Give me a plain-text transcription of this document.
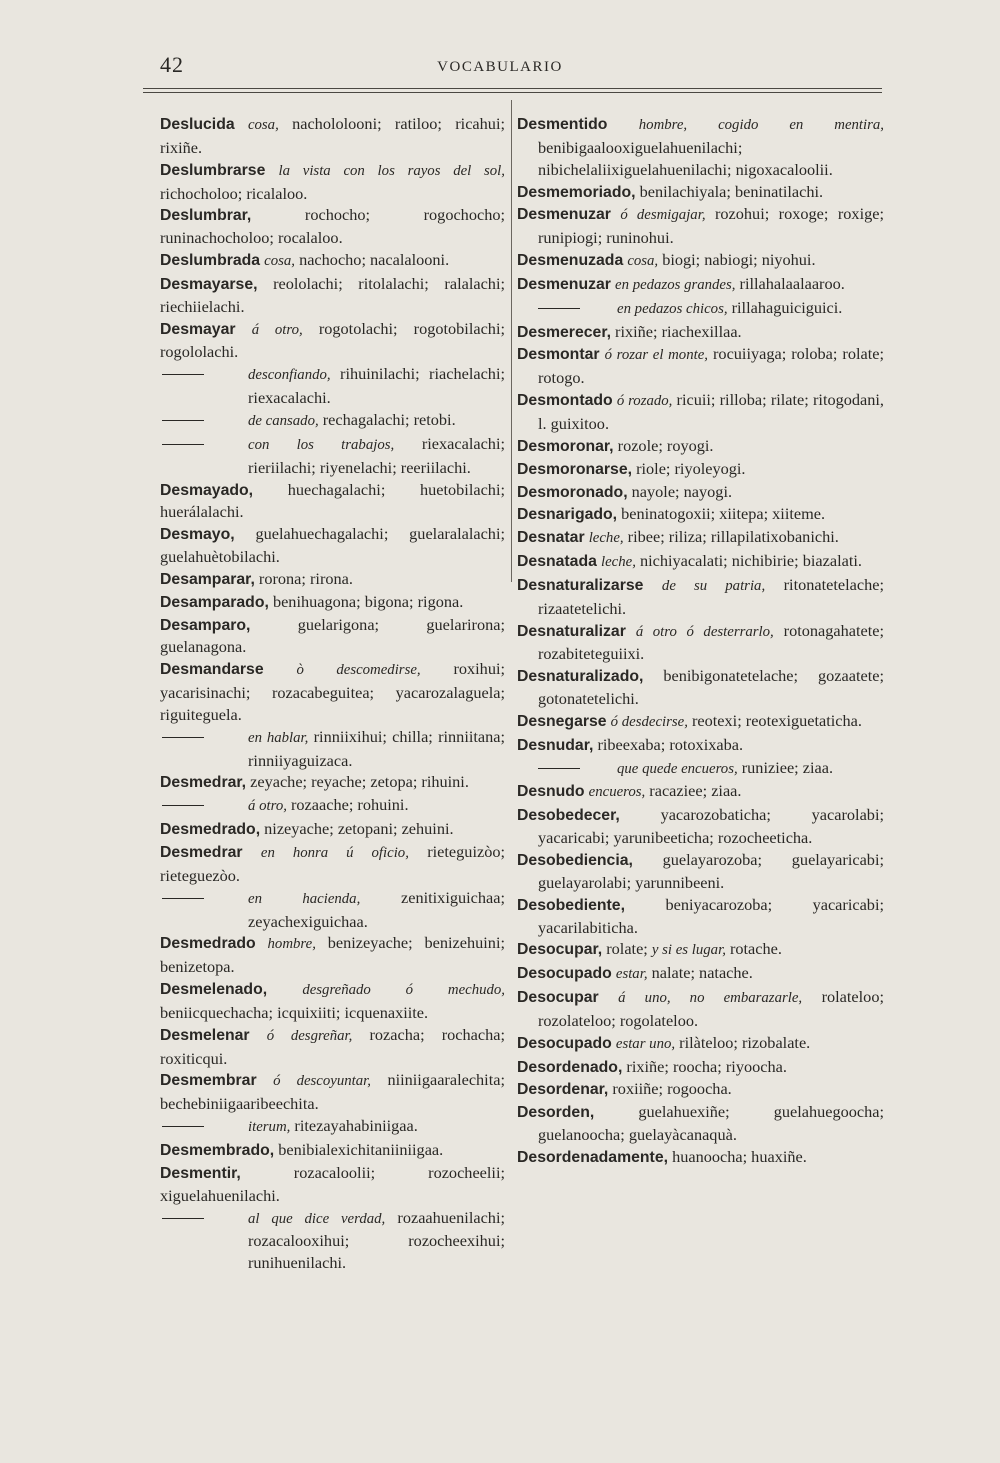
42	VOCABULARIO

Deslucida cosa, nachololooni; ratiloo; ricahui; rixiñe.

Deslumbrarse la vista con los rayos del sol, richocholoo; ricalaloo.

Deslumbrar, rochocho; rogochocho; runinachocholoo; rocalaloo.

Deslumbrada cosa, nachocho; nacalalooni.

Desmayarse, reololachi; ritolalachi; ralalachi; riechiielachi.

Desmayar á otro, rogotolachi; rogotobilachi; rogololachi.

desconfiando, rihuinilachi; riachelachi; riexacalachi.
de cansado, rechagalachi; retobi.
con los trabajos, riexacalachi; rieriilachi; riyenelachi; reeriilachi.

Desmayado, huechagalachi; huetobilachi; huerálalachi.

Desmayo, guelahuechagalachi; guelaralalachi; guelahuètobilachi.

Desamparar, rorona; rirona.

Desamparado, benihuagona; bigona; rigona.

Desamparo, guelarigona; guelarirona; guelanagona.

Desmandarse ò descomedirse, roxihui; yacarisinachi; rozacabeguitea; yacarozalaguela; riguiteguela.

en hablar, rinniixihui; chilla; rinniitana; rinniiyaguizaca.

Desmedrar, zeyache; reyache; zetopa; rihuini.

á otro, rozaache; rohuini.

Desmedrado, nizeyache; zetopani; zehuini.

Desmedrar en honra ú oficio, rieteguizòo; rieteguezòo.

en hacienda, zenitixiguichaa; zeyachexiguichaa.

Desmedrado hombre, benizeyache; benizehuini; benizetopa.

Desmelenado, desgreñado ó mechudo, beniicquechacha; icquixiiti; icquenaxiite.

Desmelenar ó desgreñar, rozacha; rochacha; roxiticqui.

Desmembrar ó descoyuntar, niiniigaaralechita; bechebiniigaaribeechita.

iterum, ritezayahabiniigaa.

Desmembrado, benibialexichitaniiniigaa.

Desmentir, rozacaloolii; rozocheelii; xiguelahuenilachi.

al que dice verdad, rozaahuenilachi; rozacalooxihui; rozocheexihui; runihuenilachi.

Desmentido hombre, cogido en mentira, benibigaalooxiguelahuenilachi; nibichelaliixiguelahuenilachi; nigoxacaloolii.

Desmemoriado, benilachiyala; beninatilachi.

Desmenuzar ó desmigajar, rozohui; roxoge; roxige; runipiogi; runinohui.

Desmenuzada cosa, biogi; nabiogi; niyohui.

Desmenuzar en pedazos grandes, rillahalaalaaroo.

en pedazos chicos, rillahaguiciguici.

Desmerecer, rixiñe; riachexillaa.

Desmontar ó rozar el monte, rocuiiyaga; roloba; rolate; rotogo.

Desmontado ó rozado, ricuii; rilloba; rilate; ritogodani, l. guixitoo.

Desmoronar, rozole; royogi.

Desmoronarse, riole; riyoleyogi.

Desmoronado, nayole; nayogi.

Desnarigado, beninatogoxii; xiitepa; xiiteme.

Desnatar leche, ribee; riliza; rillapilatixobanichi.

Desnatada leche, nichiyacalati; nichibirie; biazalati.

Desnaturalizarse de su patria, ritonatetelache; rizaatetelichi.

Desnaturalizar á otro ó desterrarlo, rotonagahatete; rozabiteteguiixi.

Desnaturalizado, benibigonatetelache; gozaatete; gotonatetelichi.

Desnegarse ó desdecirse, reotexi; reotexiguetaticha.

Desnudar, ribeexaba; rotoxixaba.

que quede encueros, runiziee; ziaa.

Desnudo encueros, racaziee; ziaa.

Desobedecer, yacarozobaticha; yacarolabi; yacaricabi; yarunibeeticha; rozocheeticha.

Desobediencia, guelayarozoba; guelayaricabi; guelayarolabi; yarunnibeeni.

Desobediente, beniyacarozoba; yacaricabi; yacarilabiticha.

Desocupar, rolate; y si es lugar, rotache.

Desocupado estar, nalate; natache.

Desocupar á uno, no embarazarle, rolateloo; rozolateloo; rogolateloo.

Desocupado estar uno, rilàteloo; rizobalate.

Desordenado, rixiñe; roocha; riyoocha.

Desordenar, roxiiñe; rogoocha.

Desorden, guelahuexiñe; guelahuegoocha; guelanoocha; guelayàcanaquà.

Desordenadamente, huanoocha; huaxiñe.
